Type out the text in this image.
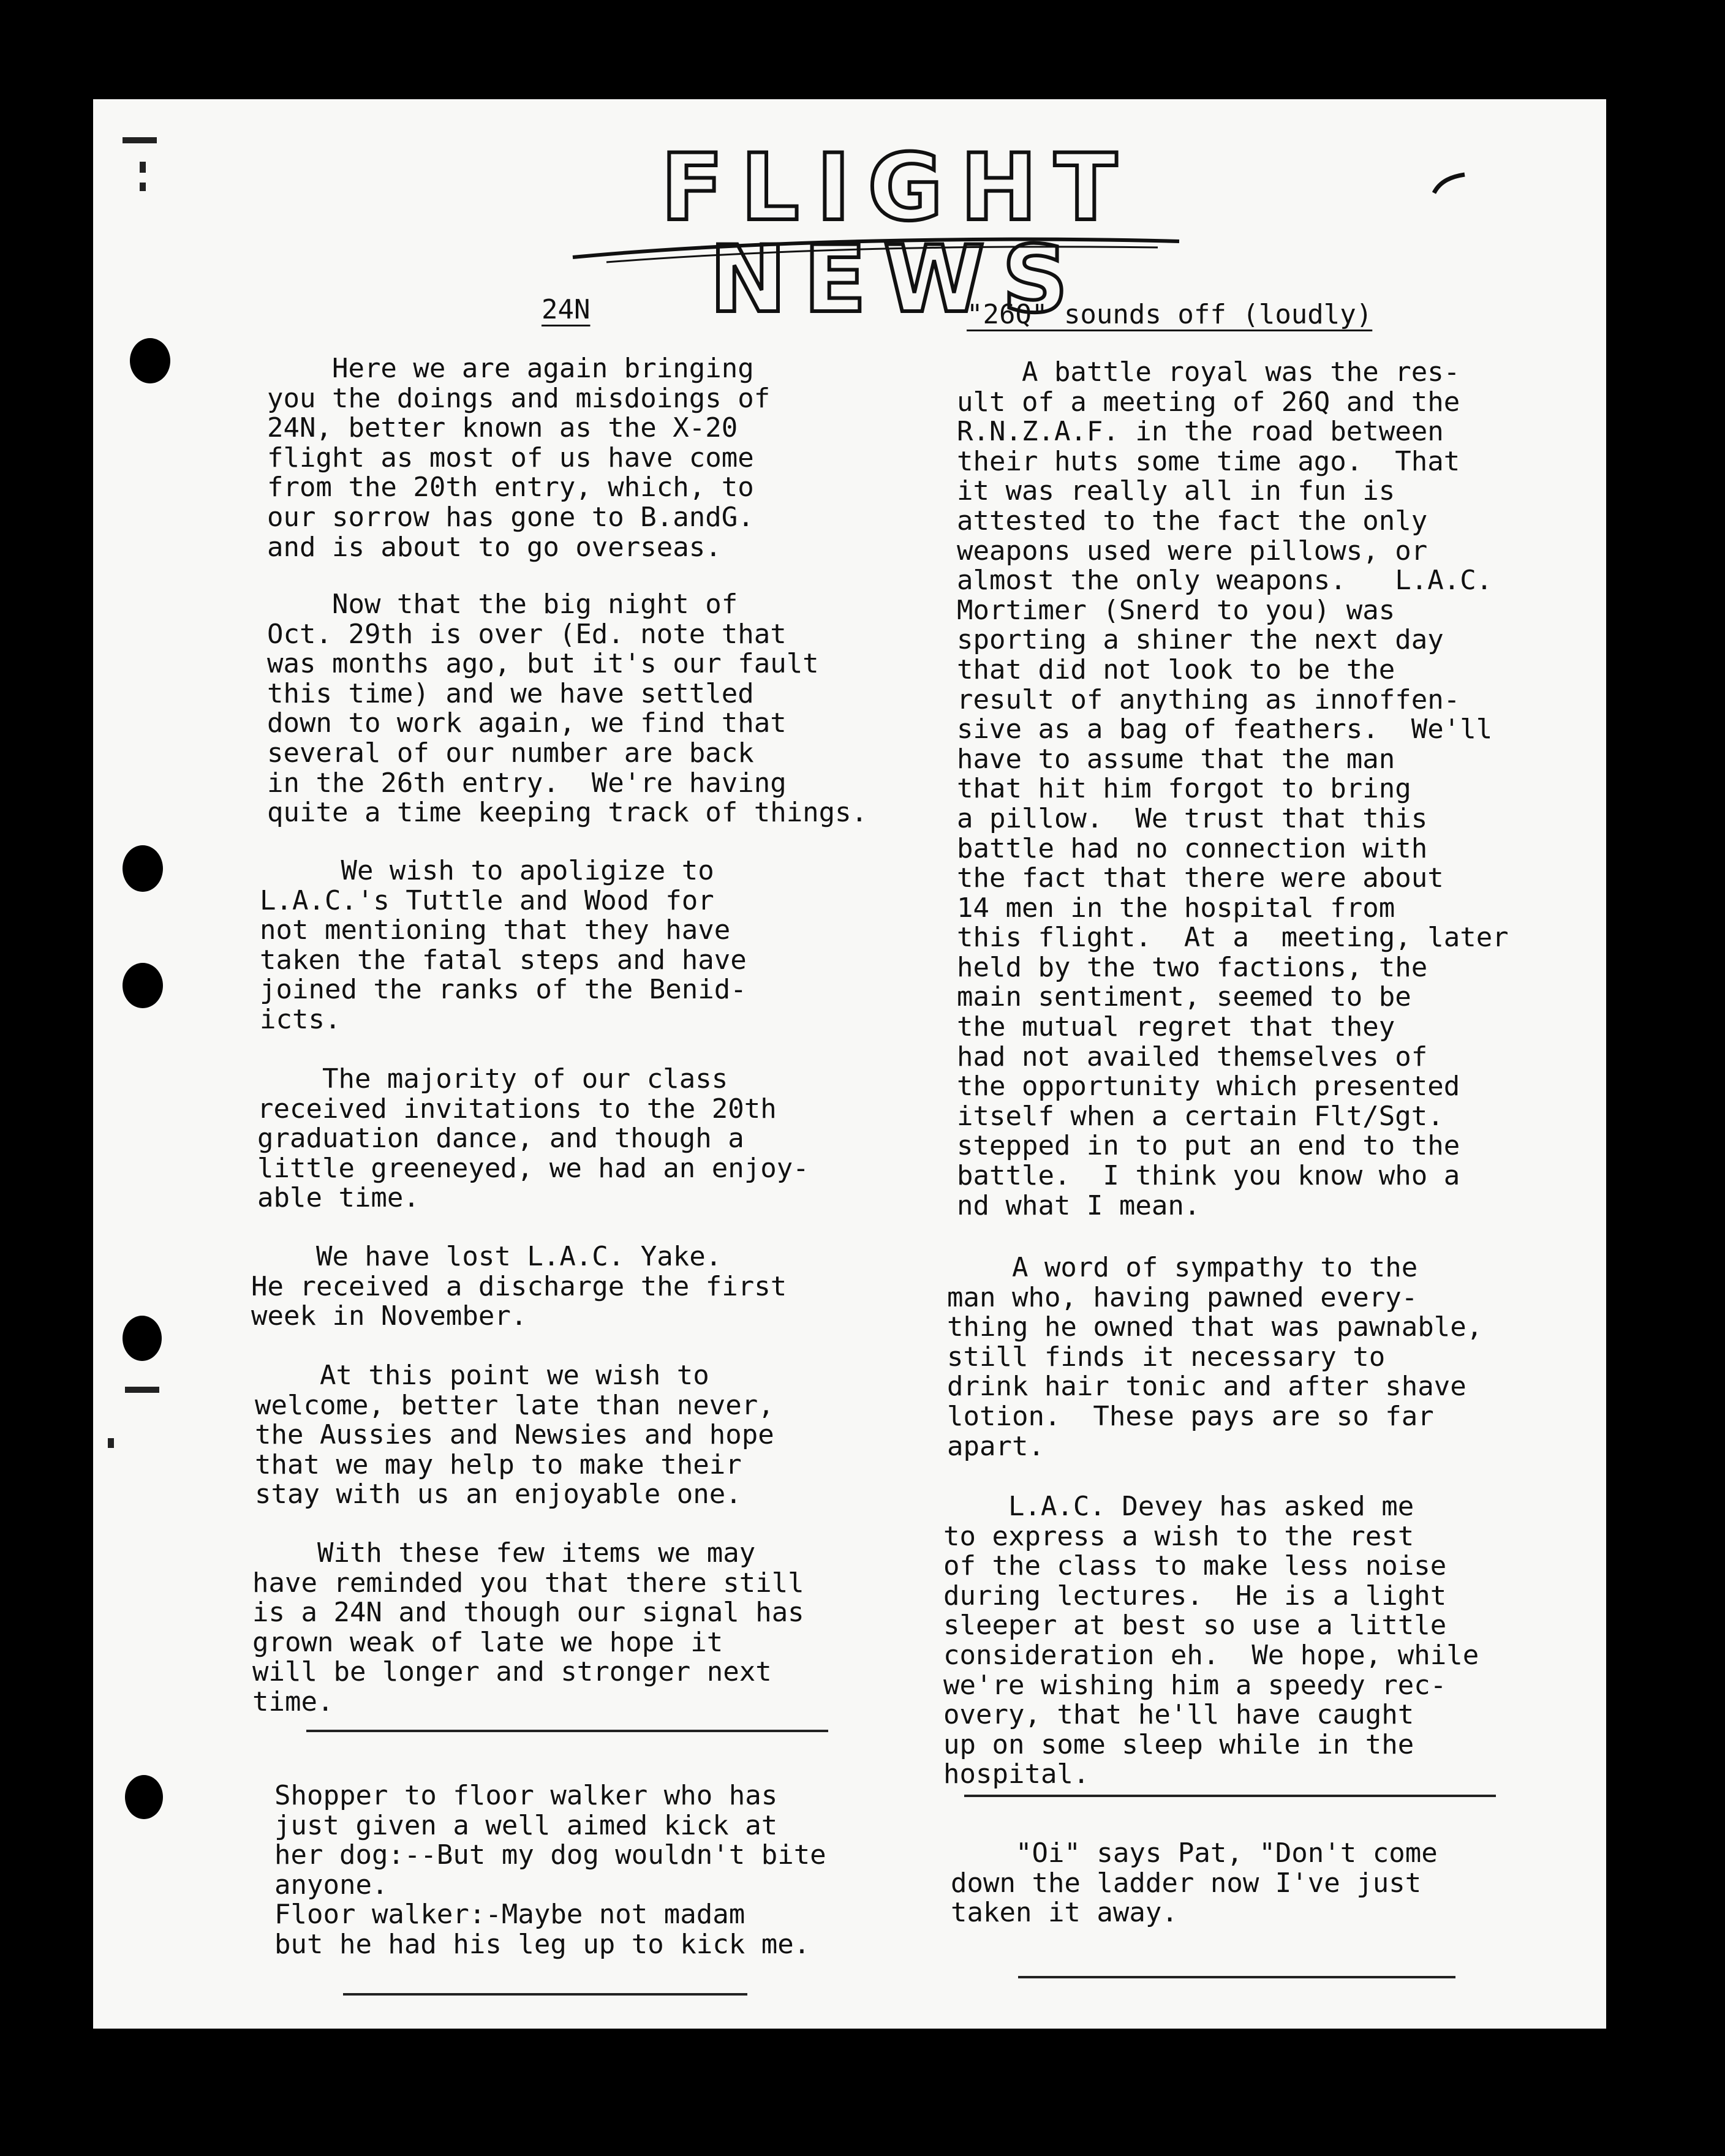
FLIGHT NEWS
24N
Here we are again bringing
you the doings and misdoings of
24N, better known as the X-20
flight as most of us have come
from the 20th entry, which, to
our sorrow has gone to B.andG.
and is about to go overseas.
Now that the big night of
Oct. 29th is over (Ed. note that
was months ago, but it's our fault
this time) and we have settled
down to work again, we find that
several of our number are back
in the 26th entry.  We're having
quite a time keeping track of things.
We wish to apoligize to
L.A.C.'s Tuttle and Wood for
not mentioning that they have
taken the fatal steps and have
joined the ranks of the Benid-
icts.
The majority of our class
received invitations to the 20th
graduation dance, and though a
little greeneyed, we had an enjoy-
able time.
We have lost L.A.C. Yake.
He received a discharge the first
week in November.
At this point we wish to
welcome, better late than never,
the Aussies and Newsies and hope
that we may help to make their
stay with us an enjoyable one.
With these few items we may
have reminded you that there still
is a 24N and though our signal has
grown weak of late we hope it
will be longer and stronger next
time.
Shopper to floor walker who has
just given a well aimed kick at
her dog:--But my dog wouldn't bite
anyone.
Floor walker:-Maybe not madam
but he had his leg up to kick me.
"26Q" sounds off (loudly)
A battle royal was the res-
ult of a meeting of 26Q and the
R.N.Z.A.F. in the road between
their huts some time ago.  That
it was really all in fun is
attested to the fact the only
weapons used were pillows, or
almost the only weapons.   L.A.C.
Mortimer (Snerd to you) was
sporting a shiner the next day
that did not look to be the
result of anything as innoffen-
sive as a bag of feathers.  We'll
have to assume that the man
that hit him forgot to bring
a pillow.  We trust that this
battle had no connection with
the fact that there were about
14 men in the hospital from
this flight.  At a  meeting, later
held by the two factions, the
main sentiment, seemed to be
the mutual regret that they
had not availed themselves of
the opportunity which presented
itself when a certain Flt/Sgt.
stepped in to put an end to the
battle.  I think you know who a
nd what I mean.
A word of sympathy to the
man who, having pawned every-
thing he owned that was pawnable,
still finds it necessary to
drink hair tonic and after shave
lotion.  These pays are so far
apart.
L.A.C. Devey has asked me
to express a wish to the rest
of the class to make less noise
during lectures.  He is a light
sleeper at best so use a little
consideration eh.  We hope, while
we're wishing him a speedy rec-
overy, that he'll have caught
up on some sleep while in the
hospital.
"Oi" says Pat, "Don't come
down the ladder now I've just
taken it away.
